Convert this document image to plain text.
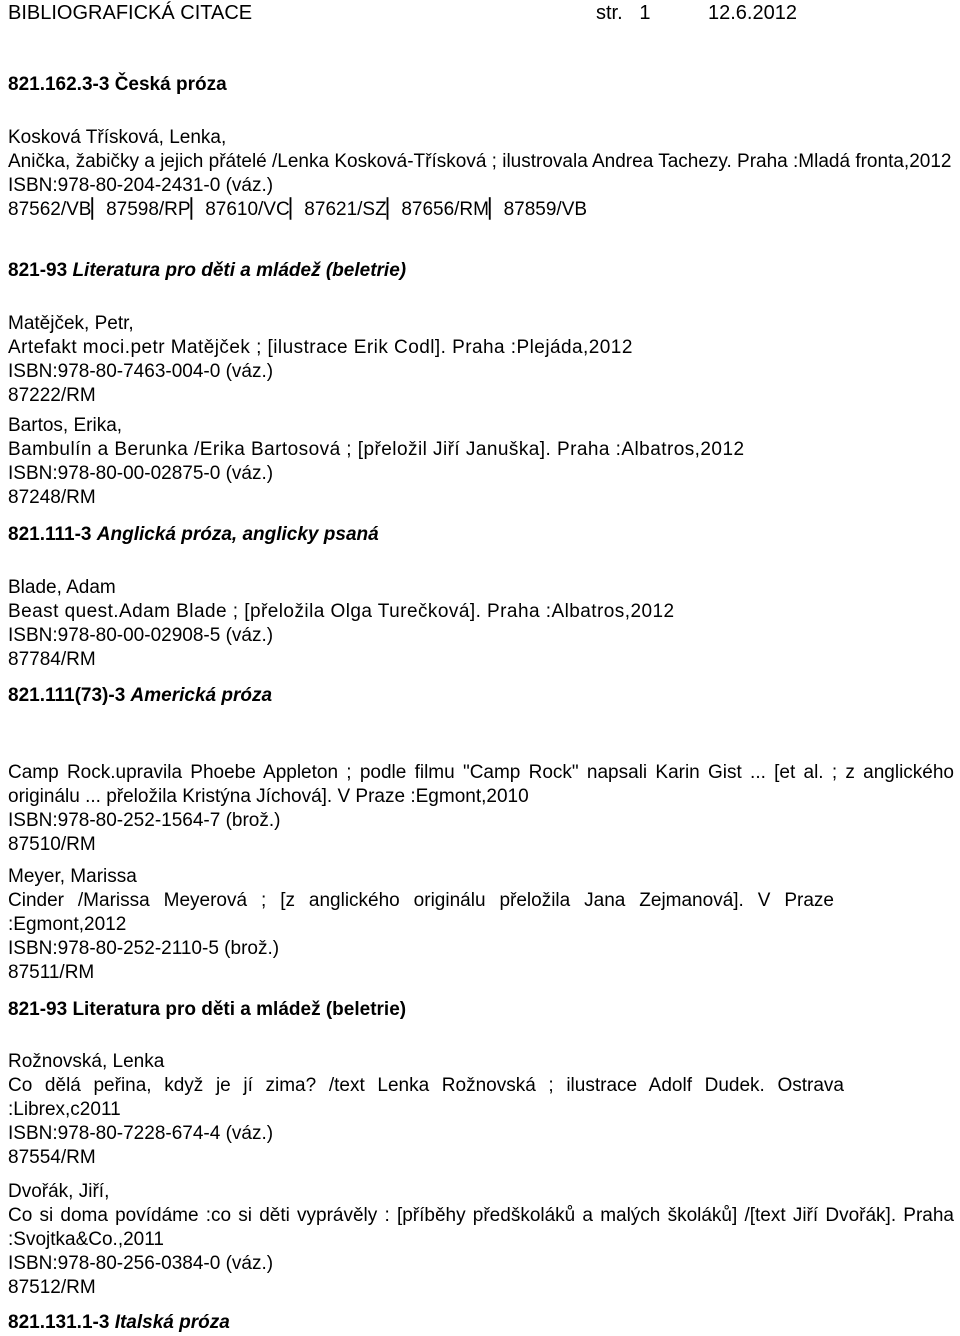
BIBLIOGRAFICKÁ CITACE	str.   1	12.6.2012
821.162.3-3 Česká próza
Kosková Třísková, Lenka,
Anička, žabičky a jejich přátelé /Lenka Kosková-Třísková ; ilustrovala Andrea Tachezy. Praha :Mladá fronta,2012
ISBN:978-80-204-2431-0 (váz.)
87562/VB▏87598/RP▏87610/VC▏87621/SZ▏87656/RM▏87859/VB
821-93 Literatura pro děti a mládež (beletrie)
Matějček, Petr,
Artefakt moci.petr Matějček ; [ilustrace Erik Codl]. Praha :Plejáda,2012
ISBN:978-80-7463-004-0 (váz.)
87222/RM
Bartos, Erika,
Bambulín a Berunka /Erika Bartosová ; [přeložil Jiří Januška]. Praha :Albatros,2012
ISBN:978-80-00-02875-0 (váz.)
87248/RM
821.111-3 Anglická próza, anglicky psaná
Blade, Adam
Beast quest.Adam Blade ; [přeložila Olga Turečková]. Praha :Albatros,2012
ISBN:978-80-00-02908-5 (váz.)
87784/RM
821.111(73)-3 Americká próza
Camp Rock.upravila Phoebe Appleton ; podle filmu "Camp Rock" napsali Karin Gist ... [et al. ; z anglického originálu ... přeložila Kristýna Jíchová]. V Praze :Egmont,2010
ISBN:978-80-252-1564-7 (brož.)
87510/RM
Meyer, Marissa
Cinder /Marissa Meyerová ; [z anglického originálu přeložila Jana Zejmanová]. V Praze :Egmont,2012
ISBN:978-80-252-2110-5 (brož.)
87511/RM
821-93 Literatura pro děti a mládež (beletrie)
Rožnovská, Lenka
Co dělá peřina, když je jí zima? /text Lenka Rožnovská ; ilustrace Adolf Dudek. Ostrava :Librex,c2011
ISBN:978-80-7228-674-4 (váz.)
87554/RM
Dvořák, Jiří,
Co si doma povídáme :co si děti vyprávěly : [příběhy předškoláků a malých školáků] /[text Jiří Dvořák]. Praha :Svojtka&Co.,2011
ISBN:978-80-256-0384-0 (váz.)
87512/RM
821.131.1-3 Italská próza
